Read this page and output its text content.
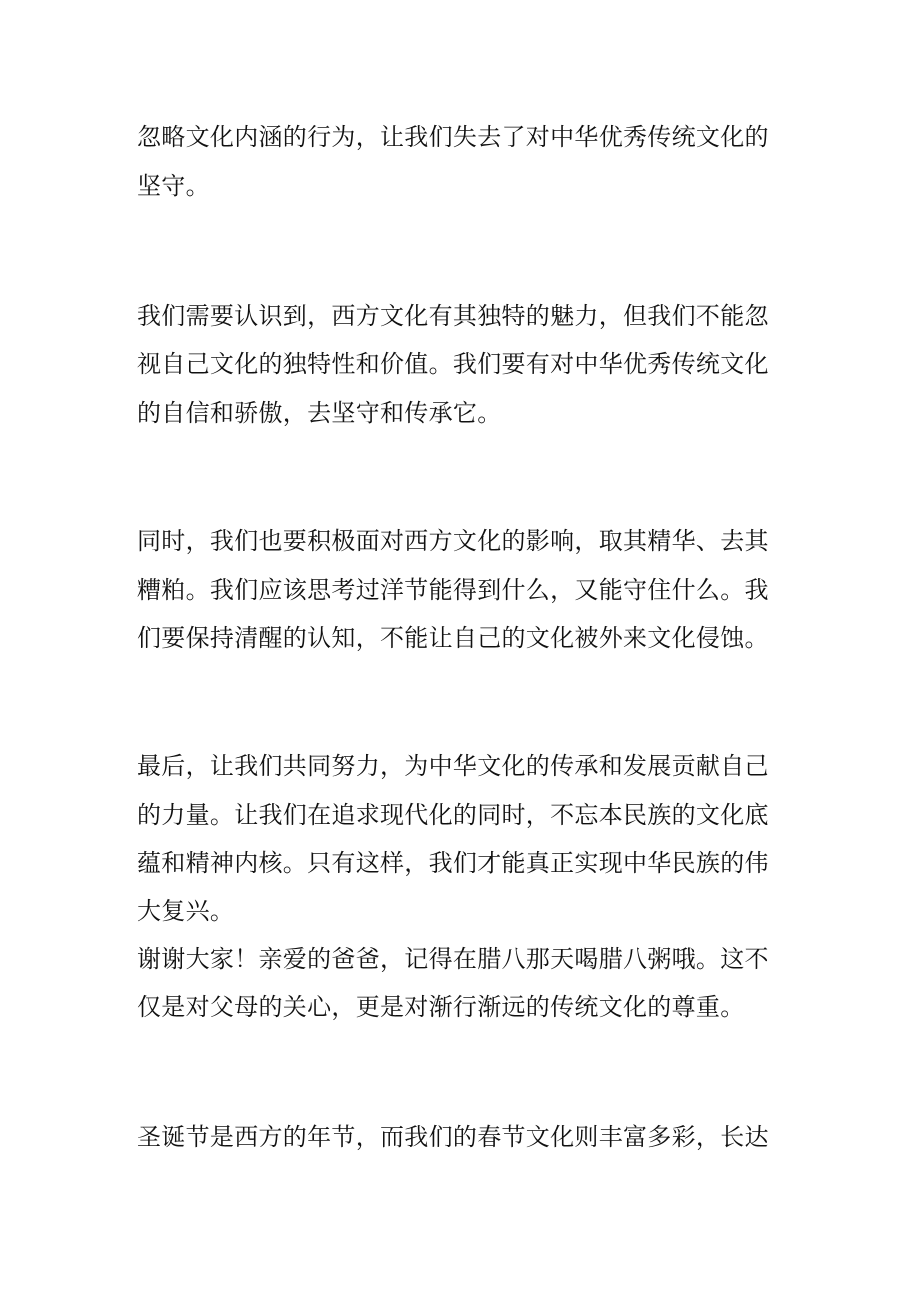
忽略文化内涵的行为，让我们失去了对中华优秀传统文化的
坚守。
我们需要认识到，西方文化有其独特的魅力，但我们不能忽
视自己文化的独特性和价值。我们要有对中华优秀传统文化
的自信和骄傲，去坚守和传承它。
同时，我们也要积极面对西方文化的影响，取其精华、去其
糟粕。我们应该思考过洋节能得到什么，又能守住什么。我
们要保持清醒的认知，不能让自己的文化被外来文化侵蚀。
最后，让我们共同努力，为中华文化的传承和发展贡献自己
的力量。让我们在追求现代化的同时，不忘本民族的文化底
蕴和精神内核。只有这样，我们才能真正实现中华民族的伟
大复兴。
谢谢大家！亲爱的爸爸，记得在腊八那天喝腊八粥哦。这不
仅是对父母的关心，更是对渐行渐远的传统文化的尊重。
圣诞节是西方的年节，而我们的春节文化则丰富多彩，长达
